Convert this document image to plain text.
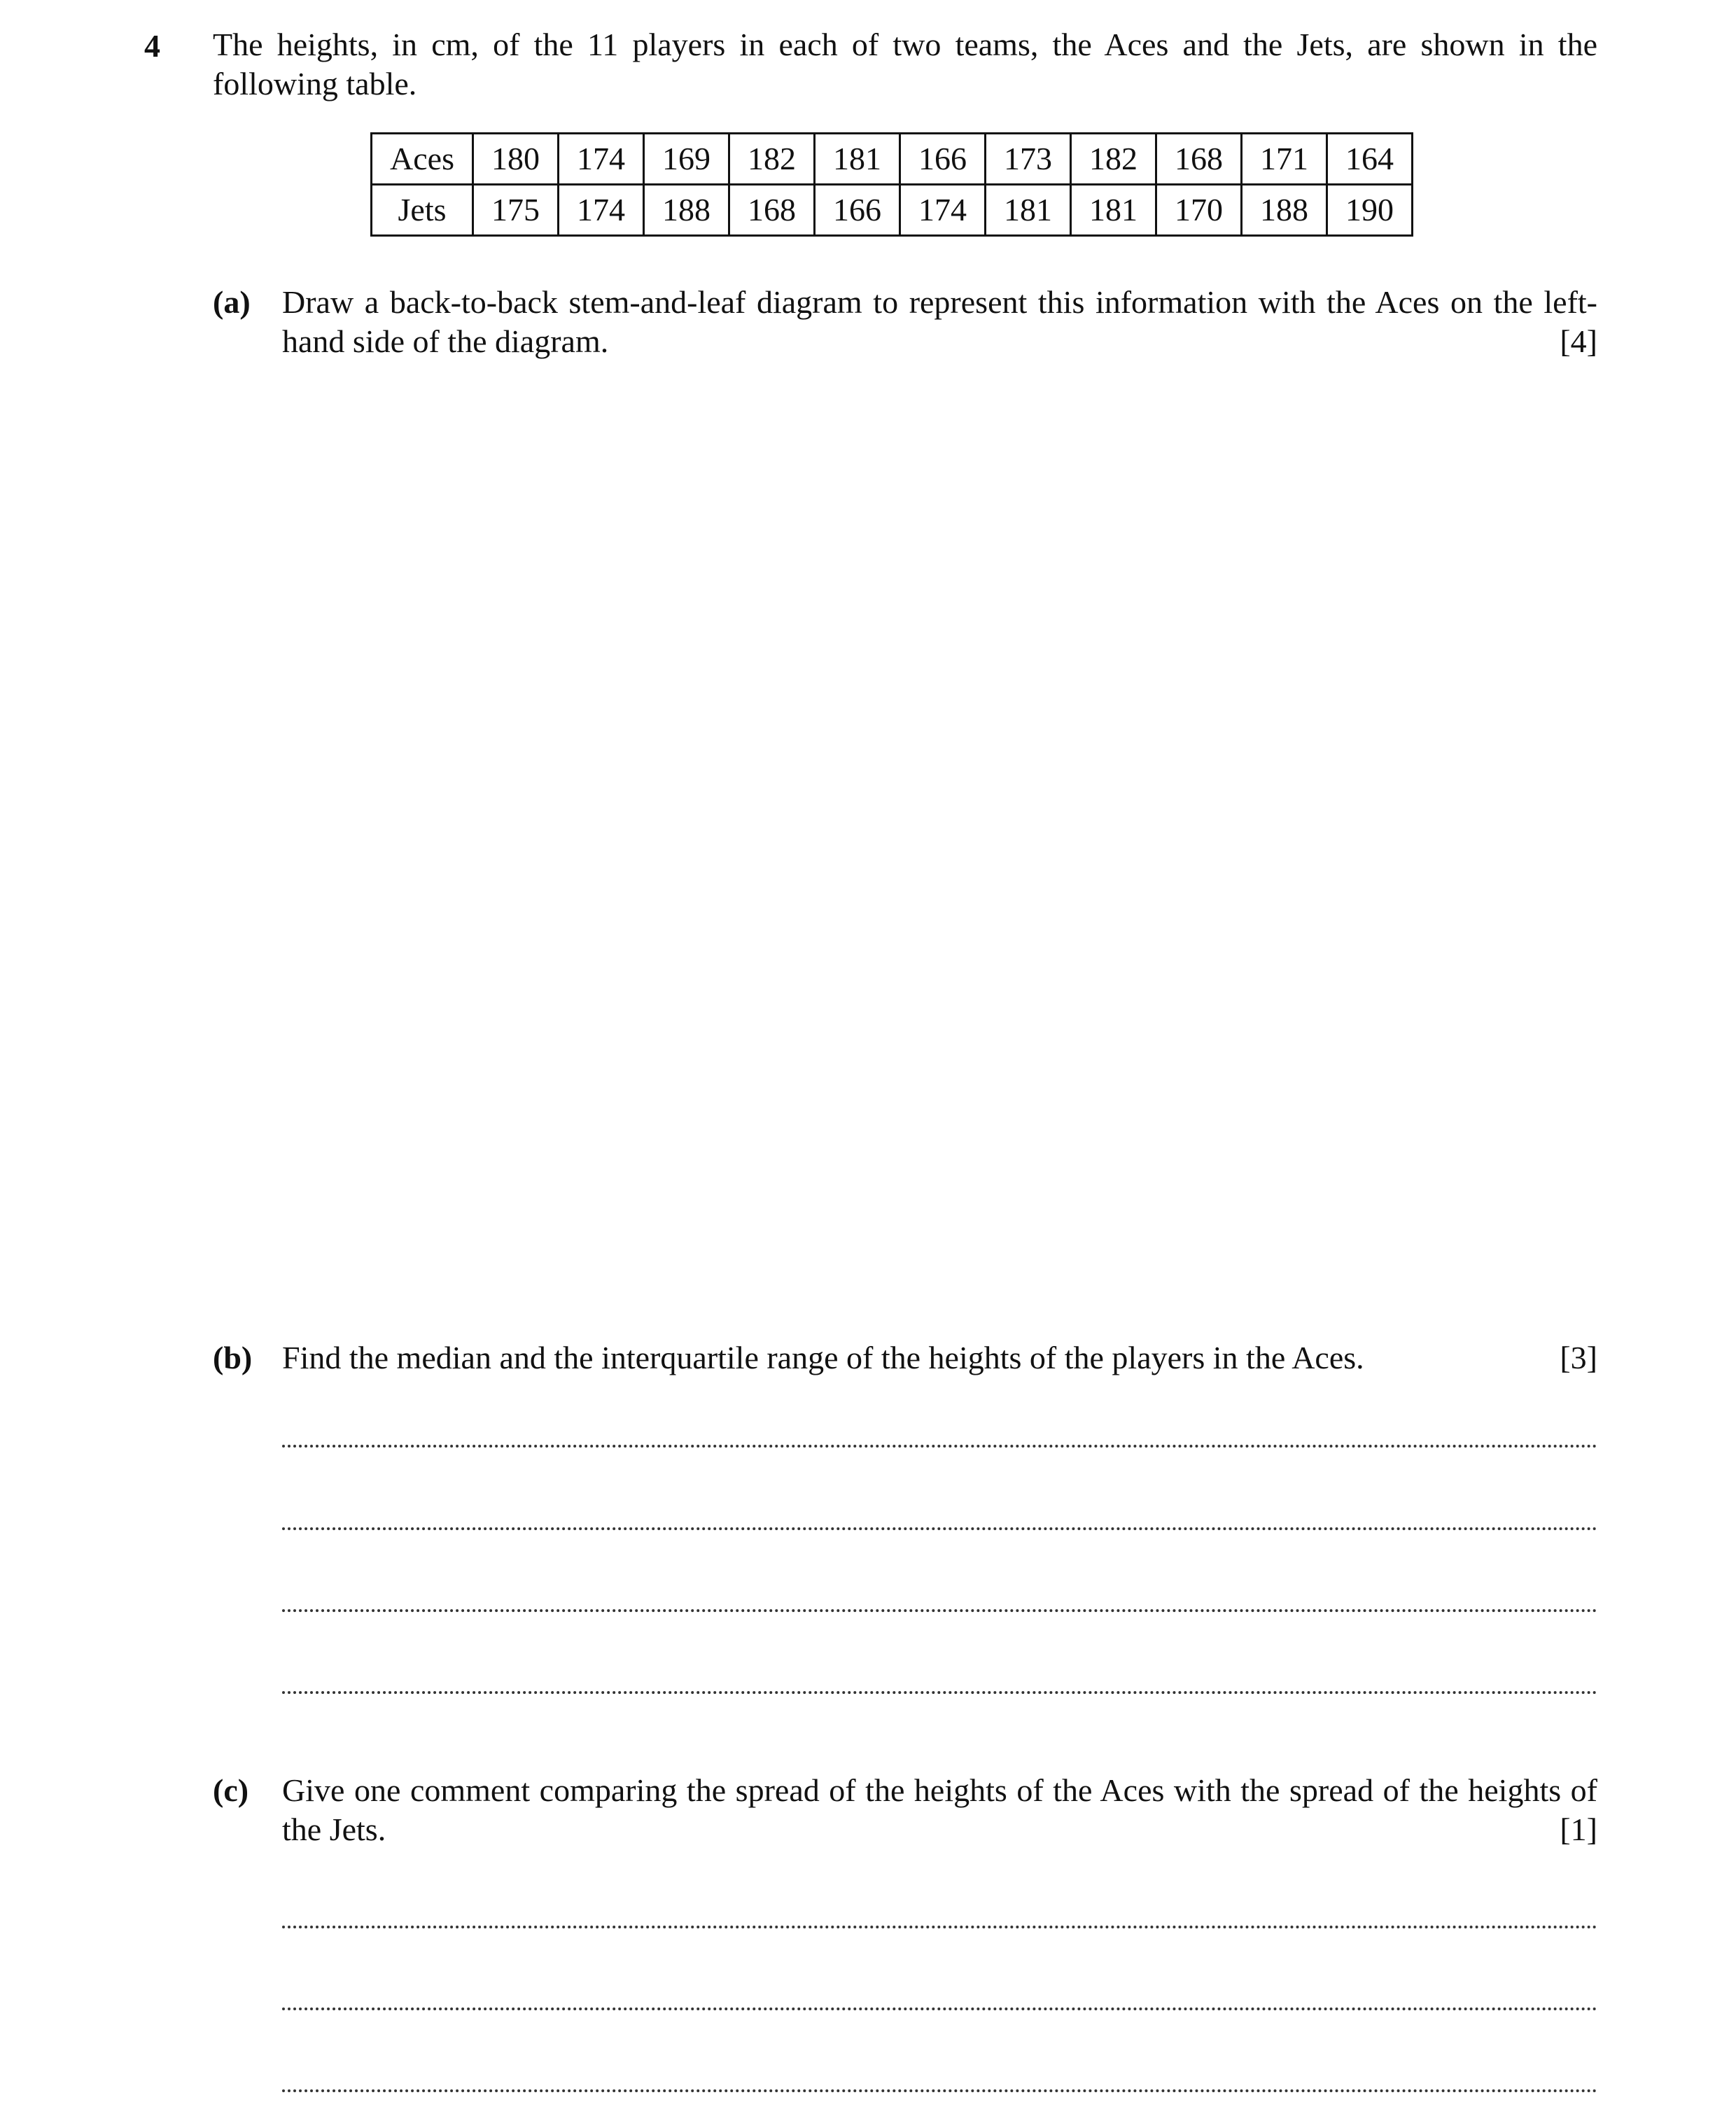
4 The heights, in cm, of the 11 players in each of two teams, the Aces and the Jets, are shown in the following table.
Aces	180	174	169	182	181	166	173	182	168	171	164
Jets	175	174	188	168	166	174	181	181	170	188	190
(a) Draw a back-to-back stem-and-leaf diagram to represent this information with the Aces on the left-hand side of the diagram.	[4]
(b) Find the median and the interquartile range of the heights of the players in the Aces.	[3]
(c) Give one comment comparing the spread of the heights of the Aces with the spread of the heights of the Jets.	[1]
